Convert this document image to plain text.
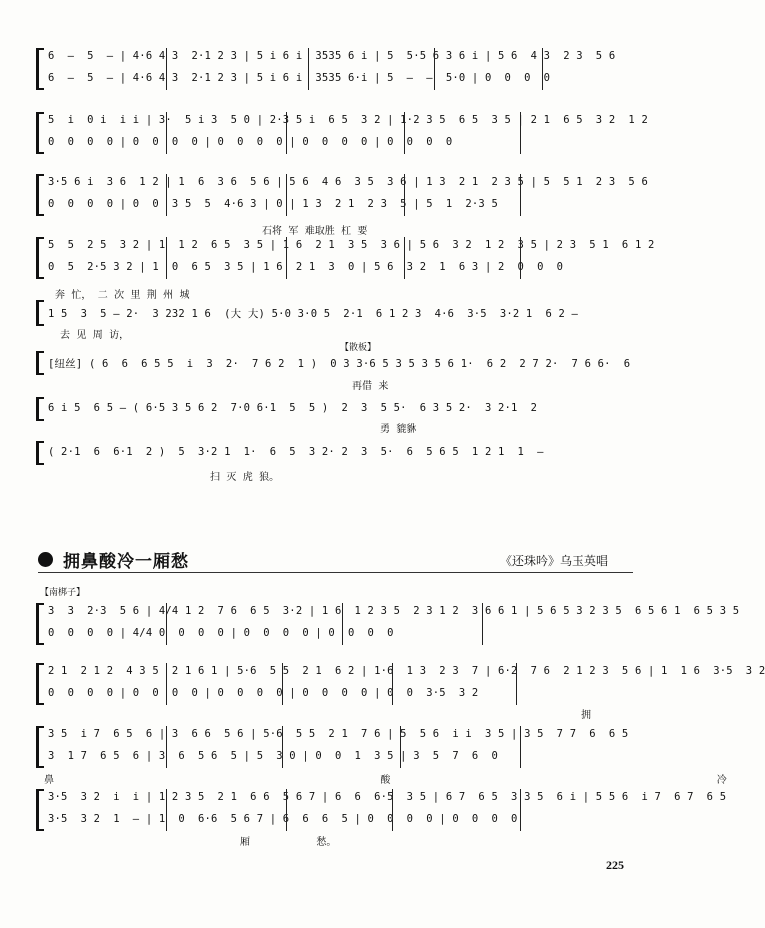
6  –  5  – | 4·6 4 3  2·1 2 3 | 5 i 6 i  3535 6 i | 5  5·5 6 3 6 i | 5 6  4 3  2 3  5 6
6  –  5  – | 4·6 4 3  2·1 2 3 | 5 i 6 i  3535 6·i | 5  –  –  5·0 | 0  0  0  0
5  i  0 i  i i | 3·  5 i 3  5 0 | 2·3 5 i  6 5  3 2 | 1·2 3 5  6 5  3 5 | 2 1  6 5  3 2  1 2
0  0  0  0 | 0  0  0  0 | 0  0  0  0 | 0  0  0  0 | 0  0  0  0
3·5 6 i  3 6  1 2 | 1  6  3 6  5 6 | 5 6  4 6  3 5  3 6 | 1 3  2 1  2 3 5 | 5  5 1  2 3  5 6
0  0  0  0 | 0  0  3 5  5  4·6 3 | 0 | 1 3  2 1  2 3  5 | 5  1  2·3 5
石将  军  难取胜  杠  要
5  5  2 5  3 2 | 1  1 2  6 5  3 5 | 1 6  2 1  3 5  3 6 | 5 6  3 2  1 2  3 5 | 2 3  5 1  6 1 2
0  5  2·5 3 2 | 1  0  6 5  3 5 | 1 6  2 1  3  0 | 5 6  3 2  1  6 3 | 2  0  0  0
奔  忙，  二  次  里  荆  州  城
1 5  3  5 – 2·  3 232 1 6  (大 大) 5·0 3·0 5  2·1  6 1 2 3  4·6  3·5  3·2 1  6 2 –
去  见  周  访，
【散板】
[纽丝] ( 6  6  6 5 5  i  3  2·  7 6 2  1 )  0 3 3·6 5 3 5 3 5 6 1·  6 2  2 7 2·  7 6 6·  6
再借  来
6 i 5  6 5 – ( 6·5 3 5 6 2  7·0 6·1  5  5 )  2  3  5 5·  6 3 5 2·  3 2·1  2
勇  貔貅
( 2·1  6  6·1  2 )  5  3·2 1  1·  6  5  3 2· 2  3  5·  6  5 6 5  1 2 1  1  –
扫  灭  虎  狼。
拥鼻酸冷一厢愁	《还珠吟》乌玉英唱
【南梆子】
3  3  2·3  5 6 | 4/4 1 2  7 6  6 5  3·2 | 1 6  1 2 3 5  2 3 1 2  3 6 6 1 | 5 6 5 3 2 3 5  6 5 6 1  6 5 3 5
0  0  0  0 | 4/4 0  0  0  0 | 0  0  0  0 | 0  0  0  0
2 1  2 1 2  4 3 5  2 1 6 1 | 5·6  5 5  2 1  6 2 | 1·6  1 3  2 3  7 | 6·2  7 6  2 1 2 3  5 6 | 1  1 6  3·5  3 2
0  0  0  0 | 0  0  0  0 | 0  0  0  0 | 0  0  0  0 | 0  0  3·5  3 2
拥
3 5  i 7  6 5  6 | 3  6 6  5 6 | 5·6  5 5  2 1  7 6 | 5  5 6  i i  3 5 | 3 5  7 7  6  6 5
3  1 7  6 5  6 | 3  6  5 6  5 | 5  3 0 | 0  0  1  3 5 | 3  5  7  6  0
鼻  酸  冷
3·5  3 2  i  i | 1 2 3 5  2 1  6 6  5 6 7 | 6  6  6·5  3 5 | 6 7  6 5  3 3 5  6 i | 5 5 6  i 7  6 7  6 5
3·5  3 2  1  – | 1  0  6·6  5 6 7 | 6  6  6  5 | 0  0  0  0 | 0  0  0  0
厢  愁。
225
